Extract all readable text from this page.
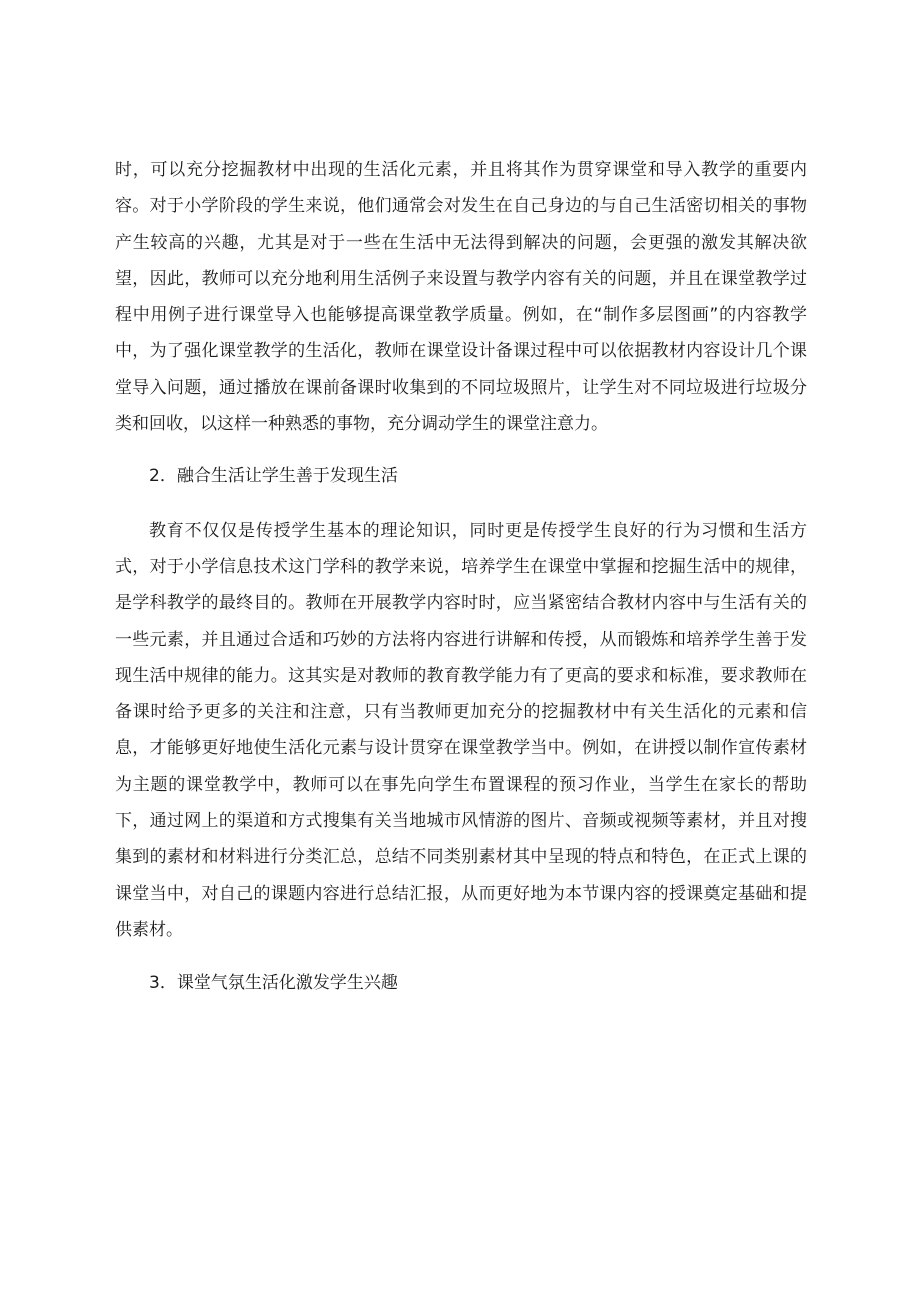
时，可以充分挖掘教材中出现的生活化元素，并且将其作为贯穿课堂和导入教学的重要内容。对于小学阶段的学生来说，他们通常会对发生在自己身边的与自己生活密切相关的事物产生较高的兴趣，尤其是对于一些在生活中无法得到解决的问题，会更强的激发其解决欲望，因此，教师可以充分地利用生活例子来设置与教学内容有关的问题，并且在课堂教学过程中用例子进行课堂导入也能够提高课堂教学质量。例如，在“制作多层图画”的内容教学中，为了强化课堂教学的生活化，教师在课堂设计备课过程中可以依据教材内容设计几个课堂导入问题，通过播放在课前备课时收集到的不同垃圾照片，让学生对不同垃圾进行垃圾分类和回收，以这样一种熟悉的事物，充分调动学生的课堂注意力。

2．融合生活让学生善于发现生活

教育不仅仅是传授学生基本的理论知识，同时更是传授学生良好的行为习惯和生活方式，对于小学信息技术这门学科的教学来说，培养学生在课堂中掌握和挖掘生活中的规律，是学科教学的最终目的。教师在开展教学内容时时，应当紧密结合教材内容中与生活有关的一些元素，并且通过合适和巧妙的方法将内容进行讲解和传授，从而锻炼和培养学生善于发现生活中规律的能力。这其实是对教师的教育教学能力有了更高的要求和标准，要求教师在备课时给予更多的关注和注意，只有当教师更加充分的挖掘教材中有关生活化的元素和信息，才能够更好地使生活化元素与设计贯穿在课堂教学当中。例如，在讲授以制作宣传素材为主题的课堂教学中，教师可以在事先向学生布置课程的预习作业，当学生在家长的帮助下，通过网上的渠道和方式搜集有关当地城市风情游的图片、音频或视频等素材，并且对搜集到的素材和材料进行分类汇总，总结不同类别素材其中呈现的特点和特色，在正式上课的课堂当中，对自己的课题内容进行总结汇报，从而更好地为本节课内容的授课奠定基础和提供素材。

3．课堂气氛生活化激发学生兴趣
